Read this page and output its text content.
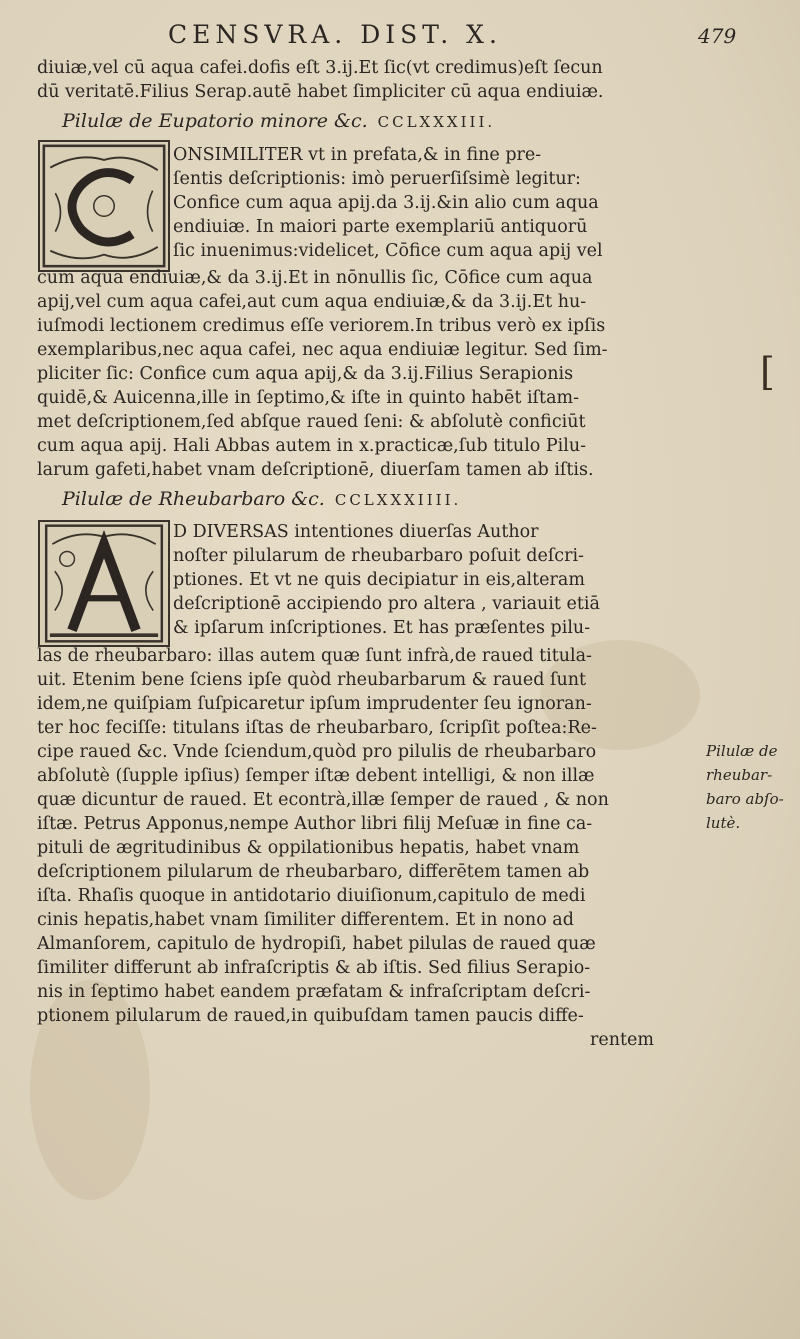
CENSVRA. DIST. X.	479
diuiæ,vel cū aqua cafei.dofis eſt 3.ij.Et ſic(vt credimus)eſt ſecun
dū veritatē.Filius Serap.autē habet ſimpliciter cū aqua endiuiæ.
Pilulæ de Eupatorio minore &c. CCLXXXIII.
ONSIMILITER vt in prefata,& in fine pre-
ſentis deſcriptionis: imò peruerſiſsimè legitur:
Confice cum aqua apij.da 3.ij.&in alio cum aqua
endiuiæ. In maiori parte exemplariū antiquorū
ſic inuenimus:videlicet, Cōfice cum aqua apij vel
cum aqua endiuiæ,& da 3.ij.Et in nōnullis ſic, Cōfice cum aqua
apij,vel cum aqua cafei,aut cum aqua endiuiæ,& da 3.ij.Et hu-
iuſmodi lectionem credimus eſſe veriorem.In tribus verò ex ipſis
exemplaribus,nec aqua cafei, nec aqua endiuiæ legitur. Sed ſim-
pliciter ſic: Confice cum aqua apij,& da 3.ij.Filius Serapionis
quidē,& Auicenna,ille in ſeptimo,& iſte in quinto habēt iſtam-
met deſcriptionem,ſed abſque raued ſeni: & abſolutè conficiūt
cum aqua apij. Hali Abbas autem in x.practicæ,ſub titulo Pilu-
larum gafeti,habet vnam deſcriptionē, diuerſam tamen ab iſtis.
[
Pilulæ de Rheubarbaro &c. CCLXXXIIII.
D DIVERSAS intentiones diuerſas Author
noſter pilularum de rheubarbaro poſuit deſcri-
ptiones. Et vt ne quis decipiatur in eis,alteram
deſcriptionē accipiendo pro altera , variauit etiā
& ipſarum inſcriptiones. Et has præſentes pilu-
las de rheubarbaro: illas autem quæ ſunt infrà,de raued titula-
uit. Etenim bene ſciens ipſe quòd rheubarbarum & raued ſunt
idem,ne quiſpiam ſuſpicaretur ipſum imprudenter ſeu ignoran-
ter hoc feciſſe: titulans iſtas de rheubarbaro, ſcripſit poſtea:Re-
cipe raued &c. Vnde ſciendum,quòd pro pilulis de rheubarbaro
abſolutè (ſupple ipſius) ſemper iſtæ debent intelligi, & non illæ
quæ dicuntur de raued. Et econtrà,illæ ſemper de raued , & non
iſtæ. Petrus Apponus,nempe Author libri filij Meſuæ in fine ca-
pituli de ægritudinibus & oppilationibus hepatis, habet vnam
deſcriptionem pilularum de rheubarbaro, differētem tamen ab
iſta. Rhaſis quoque in antidotario diuiſionum,capitulo de medi
cinis hepatis,habet vnam ſimiliter differentem. Et in nono ad
Almanſorem, capitulo de hydropiſi, habet pilulas de raued quæ
ſimiliter differunt ab infraſcriptis & ab iſtis. Sed filius Serapio-
nis in ſeptimo habet eandem præfatam & infraſcriptam deſcri-
ptionem pilularum de raued,in quibuſdam tamen paucis diffe-
rentem
Pilulæ de
rheubar-
baro abſo-
lutè.
